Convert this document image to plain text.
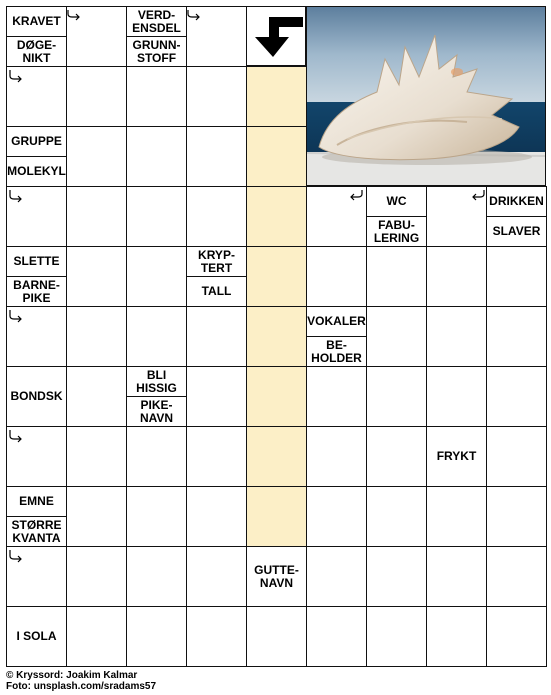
KRAVET
DØGE-
NIKT
VERD-
ENSDEL
GRUNN-
STOFF
GRUPPE
MOLEKYL
WC
FABU-
LERING
DRIKKEN
SLAVER
SLETTE
BARNE-
PIKE
KRYP-
TERT
TALL
VOKALER
BE-
HOLDER
BONDSK
BLI
HISSIG
PIKE-
NAVN
FRYKT
EMNE
STØRRE
KVANTA
GUTTE-
NAVN
I SOLA
© Kryssord: Joakim Kalmar
Foto: unsplash.com/sradams57
